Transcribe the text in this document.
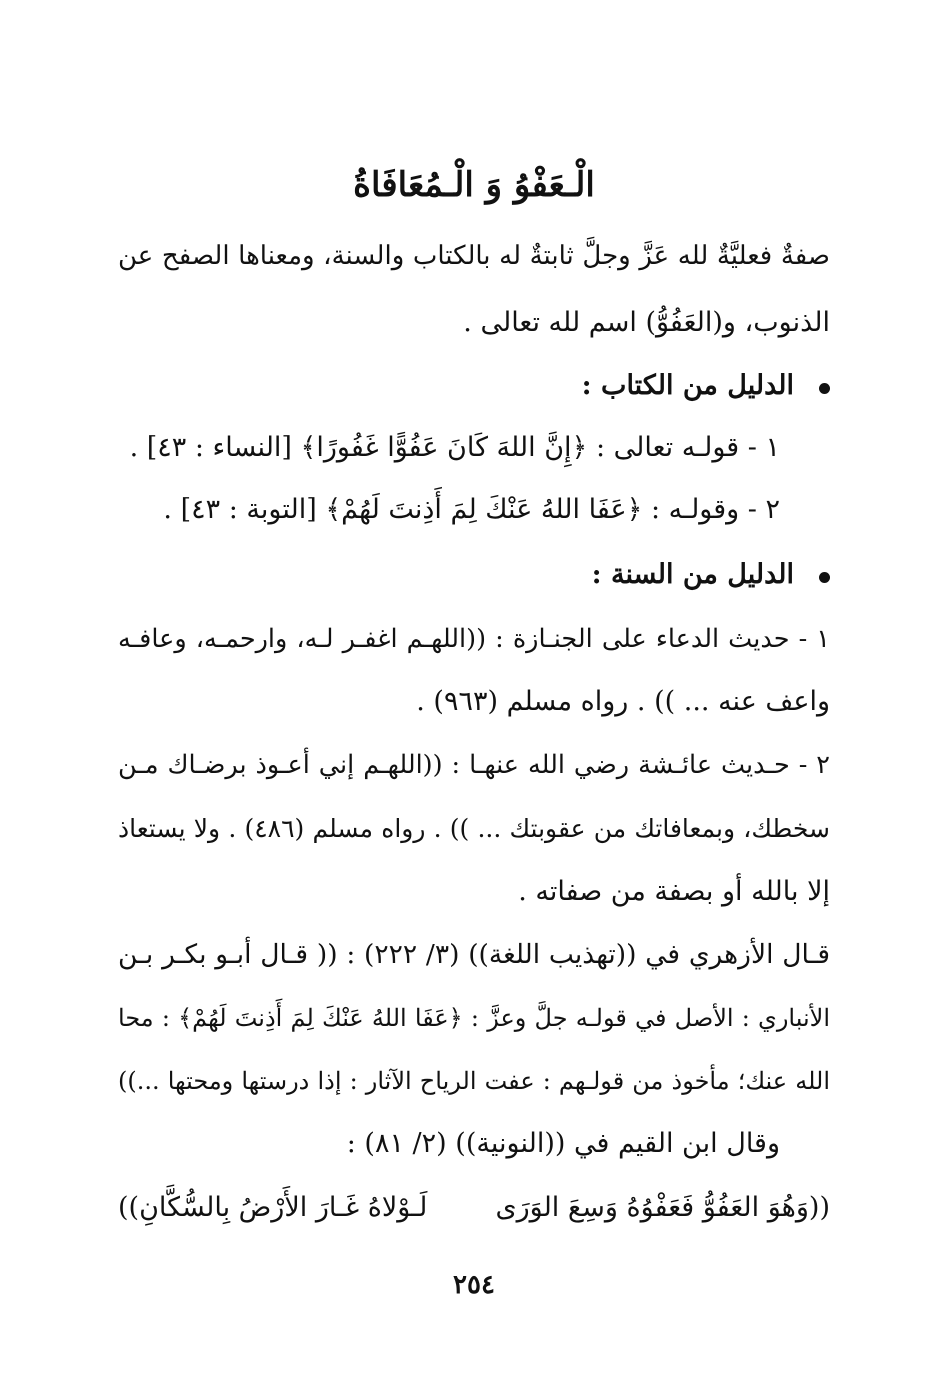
الْـعَفْوُ وَ الْـمُعَافَاةُ
صفةٌ فعليَّةٌ لله عَزَّ وجلَّ ثابتةٌ له بالكتاب والسنة، ومعناها الصفح عن
الذنوب، و(العَفُوُّ) اسم لله تعالى .
الدليل من الكتاب :
١ - قولـه تعالى : ﴿إِنَّ اللهَ كَانَ عَفُوًّا غَفُورًا﴾ [النساء : ٤٣] .
٢ - وقولـه : ﴿عَفَا اللهُ عَنْكَ لِمَ أَذِنتَ لَهُمْ﴾ [التوبة : ٤٣] .
الدليل من السنة :
١ - حديث الدعاء على الجنـازة : ((اللهـم اغفـر لـه، وارحمـه، وعافـه
واعف عنه ... )) . رواه مسلم (٩٦٣) .
٢ - حـديث عائـشة رضي الله عنهـا : ((اللهـم إني أعـوذ برضـاك مـن
سخطك، وبمعافاتك من عقوبتك ... )) . رواه مسلم (٤٨٦) . ولا يستعاذ
إلا بالله أو بصفة من صفاته .
قـال الأزهري في ((تهذيب اللغة)) (٣/ ٢٢٢) : (( قـال أبـو بكـر بـن
الأنباري : الأصل في قولـه جلَّ وعزَّ : ﴿عَفَا اللهُ عَنْكَ لِمَ أَذِنتَ لَهُمْ﴾ : محا
الله عنك؛ مأخوذ من قولـهم : عفت الرياح الآثار : إذا درستها ومحتها ...))
وقال ابن القيم في ((النونية)) (٢/ ٨١) :
((وَهُوَ العَفُوُّ فَعَفْوُهُ وَسِعَ الوَرَى
لَـوْلاهُ غَـارَ الأَرْضُ بِالسُّكَّانِ))
٢٥٤
